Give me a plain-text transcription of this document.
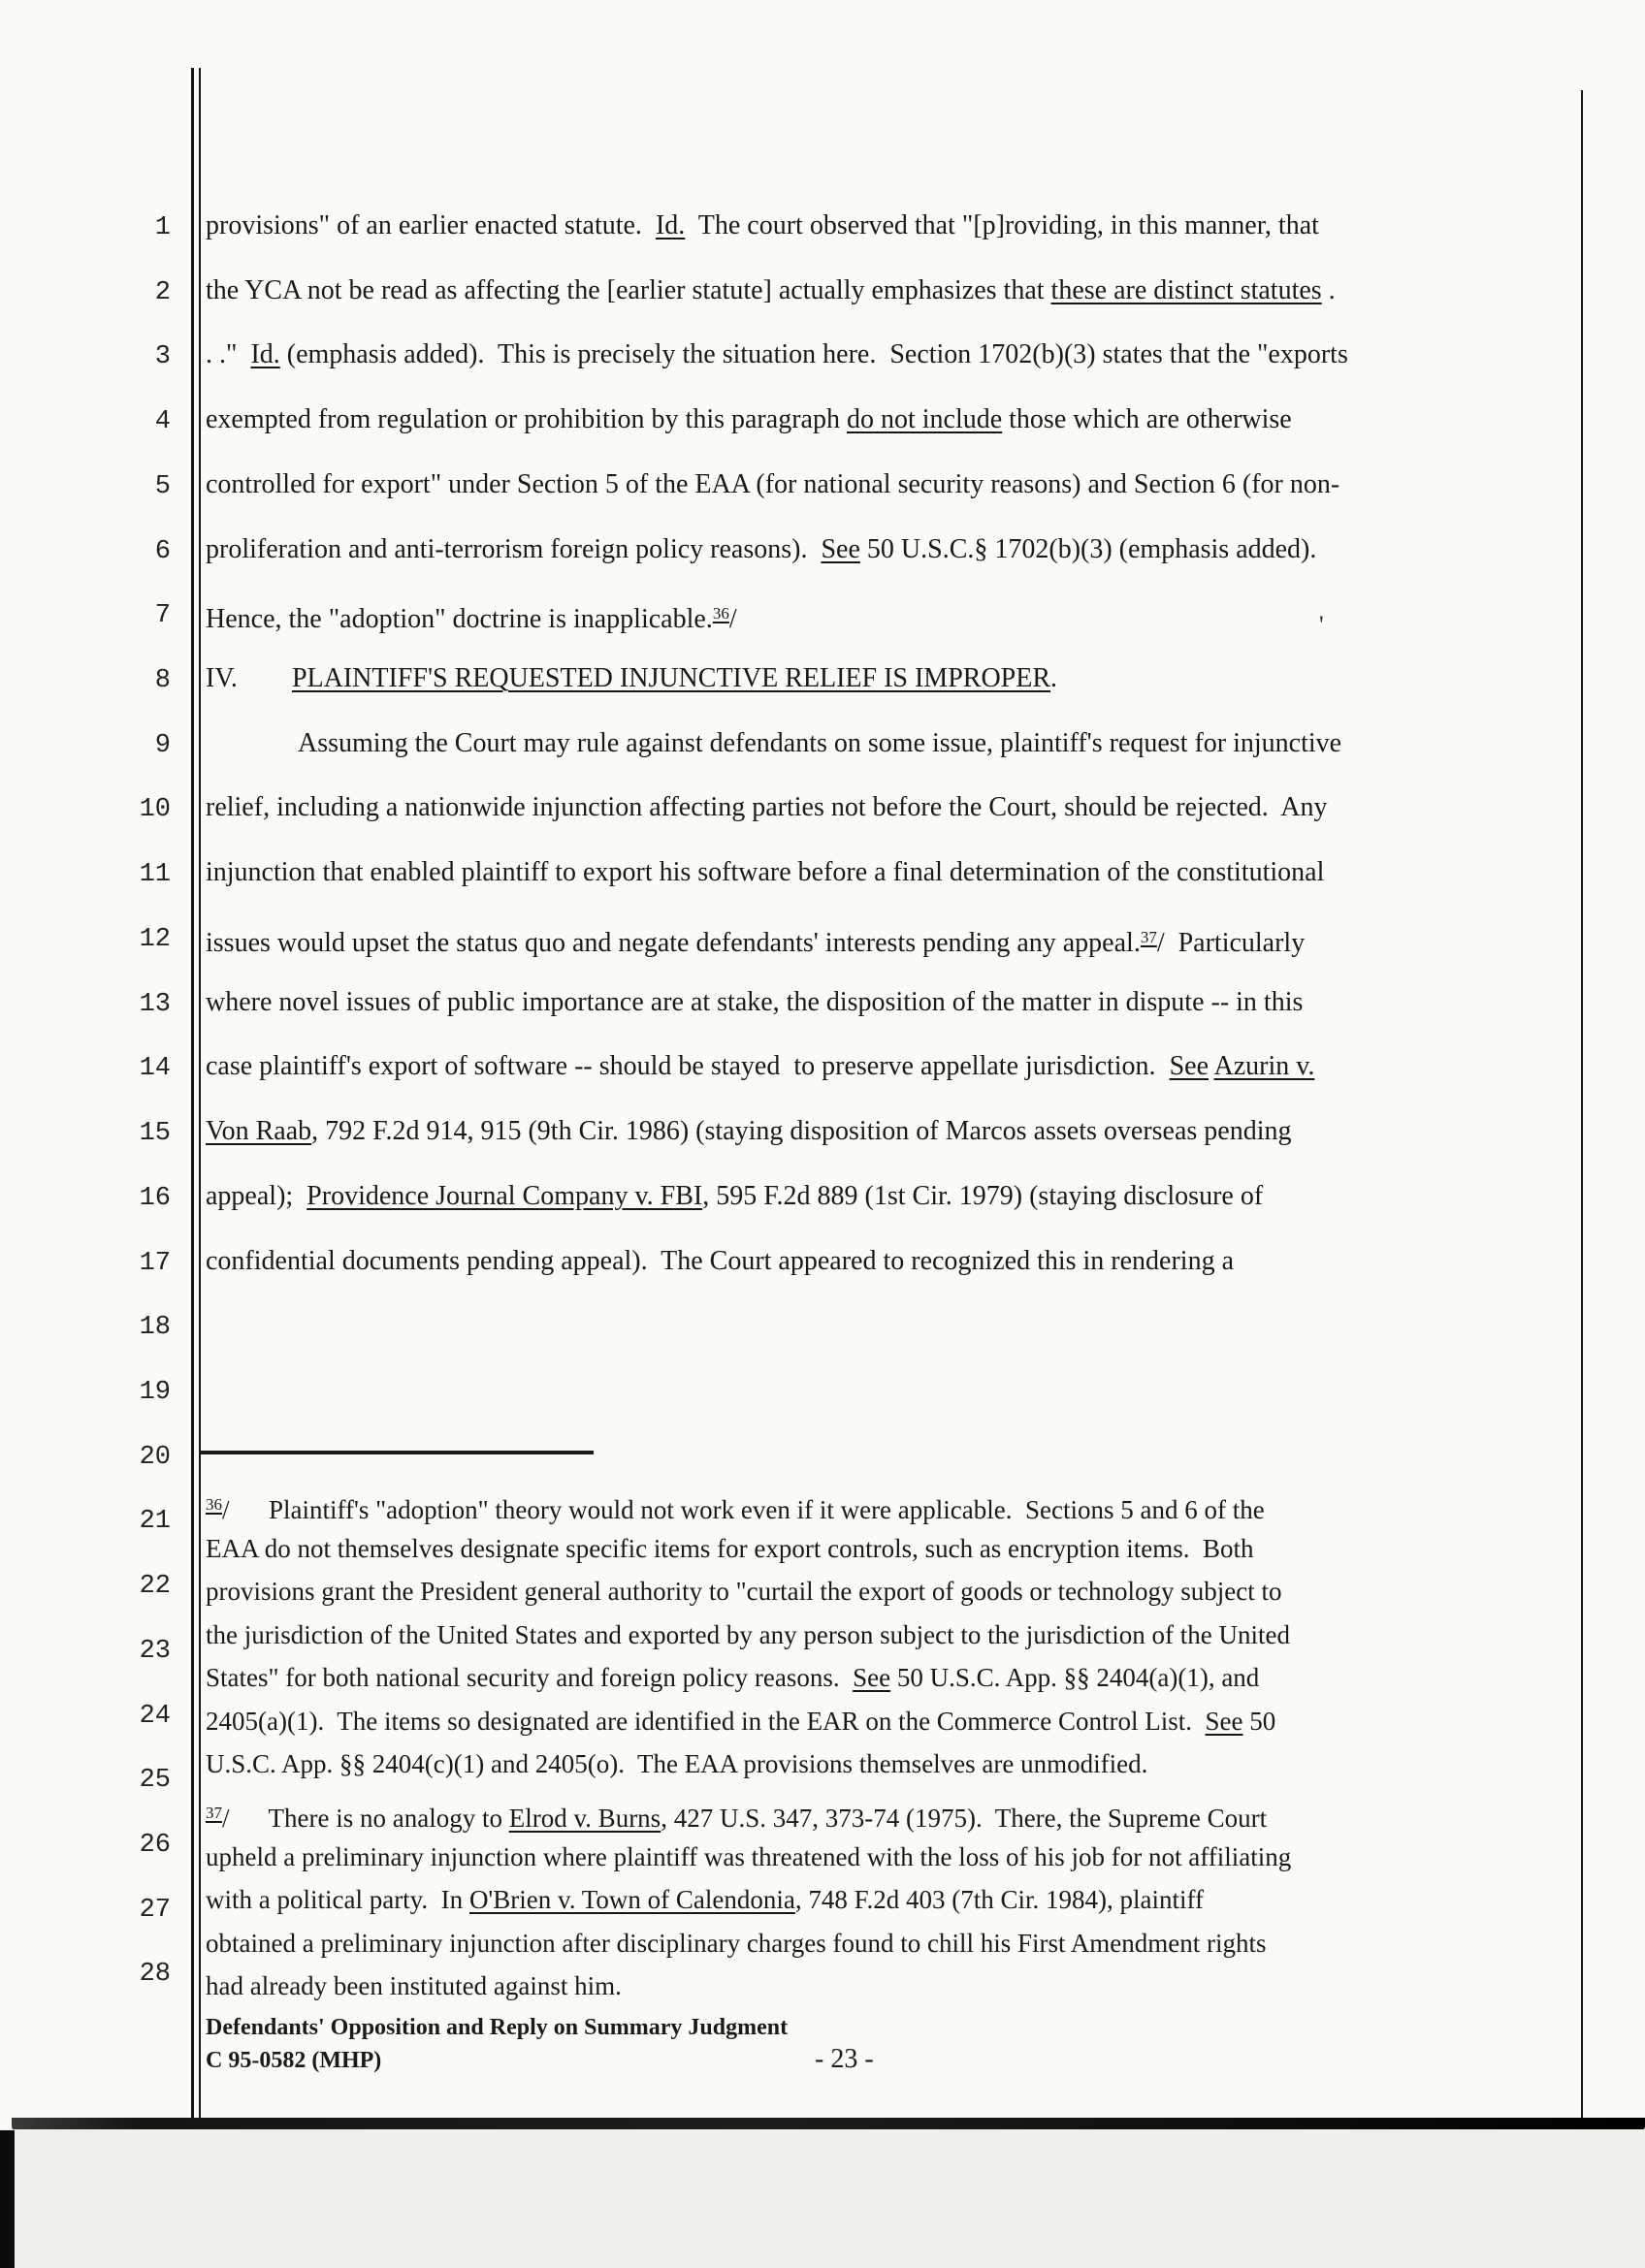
1
2
3
4
5
6
7
8
9
10
11
12
13
14
15
16
17
18
19
20
21
22
23
24
25
26
27
28
provisions" of an earlier enacted statute.  Id.  The court observed that "[p]roviding, in this manner, that
the YCA not be read as affecting the [earlier statute] actually emphasizes that these are distinct statutes .
. ."  Id. (emphasis added).  This is precisely the situation here.  Section 1702(b)(3) states that the "exports
exempted from regulation or prohibition by this paragraph do not include those which are otherwise
controlled for export" under Section 5 of the EAA (for national security reasons) and Section 6 (for non-
proliferation and anti-terrorism foreign policy reasons).  See 50 U.S.C.§ 1702(b)(3) (emphasis added).
Hence, the "adoption" doctrine is inapplicable.$^{36}$/
IV. PLAINTIFF'S REQUESTED INJUNCTIVE RELIEF IS IMPROPER.
Assuming the Court may rule against defendants on some issue, plaintiff's request for injunctive
relief, including a nationwide injunction affecting parties not before the Court, should be rejected.  Any
injunction that enabled plaintiff to export his software before a final determination of the constitutional
issues would upset the status quo and negate defendants' interests pending any appeal.$^{37}$/  Particularly
where novel issues of public importance are at stake, the disposition of the matter in dispute -- in this
case plaintiff's export of software -- should be stayed  to preserve appellate jurisdiction.  See Azurin v.
Von Raab, 792 F.2d 914, 915 (9th Cir. 1986) (staying disposition of Marcos assets overseas pending
appeal);  Providence Journal Company v. FBI, 595 F.2d 889 (1st Cir. 1979) (staying disclosure of
confidential documents pending appeal).  The Court appeared to recognized this in rendering a
$^{36}$/      Plaintiff's "adoption" theory would not work even if it were applicable.  Sections 5 and 6 of the
EAA do not themselves designate specific items for export controls, such as encryption items.  Both
provisions grant the President general authority to "curtail the export of goods or technology subject to
the jurisdiction of the United States and exported by any person subject to the jurisdiction of the United
States" for both national security and foreign policy reasons.  See 50 U.S.C. App. §§ 2404(a)(1), and
2405(a)(1).  The items so designated are identified in the EAR on the Commerce Control List.  See 50
U.S.C. App. §§ 2404(c)(1) and 2405(o).  The EAA provisions themselves are unmodified.
$^{37}$/      There is no analogy to Elrod v. Burns, 427 U.S. 347, 373-74 (1975).  There, the Supreme Court
upheld a preliminary injunction where plaintiff was threatened with the loss of his job for not affiliating
with a political party.  In O'Brien v. Town of Calendonia, 748 F.2d 403 (7th Cir. 1984), plaintiff
obtained a preliminary injunction after disciplinary charges found to chill his First Amendment rights
had already been instituted against him.
Defendants' Opposition and Reply on Summary Judgment
C 95-0582 (MHP)	- 23 -
'
